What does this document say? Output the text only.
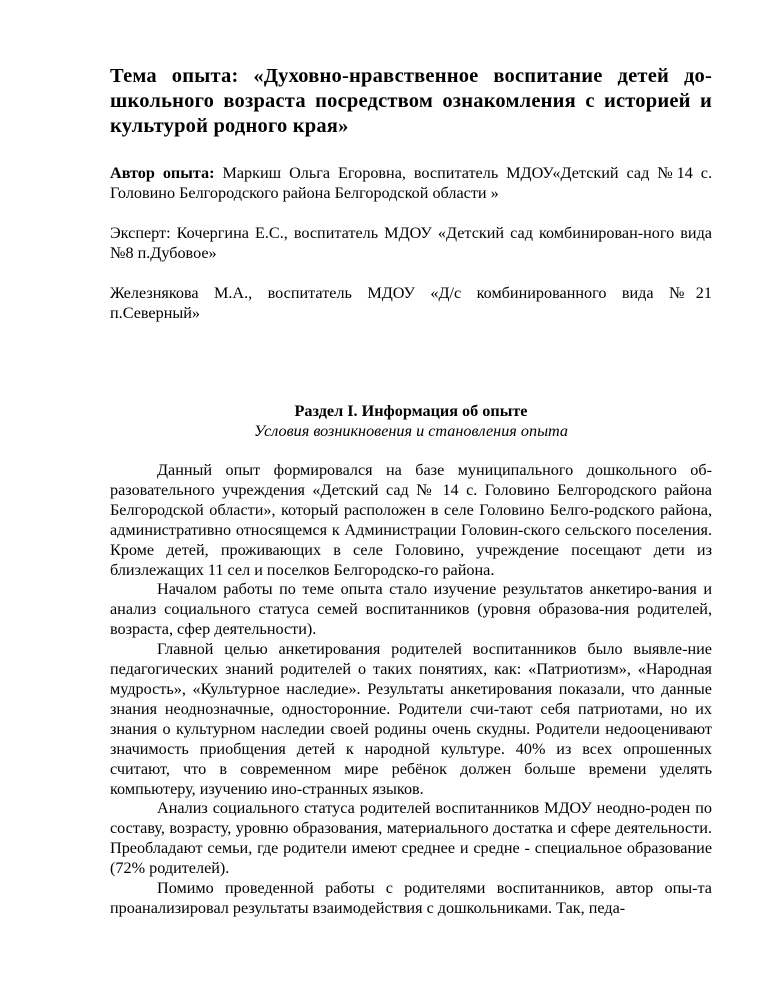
Тема опыта: «Духовно-нравственное воспитание детей до-
школьного возраста посредством ознакомления с историей и
культурой родного края»

Автор опыта: Маркиш Ольга Егоровна, воспитатель МДОУ«Детский сад №14 с. Головино Белгородского района Белгородской области »

Эксперт: Кочергина Е.С., воспитатель МДОУ «Детский сад комбинирован-ного вида №8 п.Дубовое»

Железнякова М.А., воспитатель МДОУ «Д/с комбинированного вида №21 п.Северный»

Раздел I. Информация об опыте

Условия возникновения и становления опыта

Данный опыт формировался на базе муниципального дошкольного об-разовательного учреждения «Детский сад № 14 с. Головино Белгородского района Белгородской области», который расположен в селе Головино Белго-родского района, административно относящемся к Администрации Головин-ского сельского поселения. Кроме детей, проживающих в селе Головино, учреждение посещают дети из близлежащих 11 сел и поселков Белгородско-го района.

Началом работы по теме опыта стало изучение результатов анкетиро-вания и анализ социального статуса семей воспитанников (уровня образова-ния родителей, возраста, сфер деятельности).

Главной целью анкетирования родителей воспитанников было выявле-ние педагогических знаний родителей о таких понятиях, как: «Патриотизм», «Народная мудрость», «Культурное наследие». Результаты анкетирования показали, что данные знания неоднозначные, односторонние. Родители счи-тают себя патриотами, но их знания о культурном наследии своей родины очень скудны. Родители недооценивают значимость приобщения детей к народной культуре. 40% из всех опрошенных считают, что в современном мире ребёнок должен больше времени уделять компьютеру, изучению ино-странных языков.

Анализ социального статуса родителей воспитанников МДОУ неодно-роден по составу, возрасту, уровню образования, материального достатка и сфере деятельности. Преобладают семьи, где родители имеют среднее и средне - специальное образование (72% родителей).

Помимо проведенной работы с родителями воспитанников, автор опы-та проанализировал результаты взаимодействия с дошкольниками. Так, педа-
